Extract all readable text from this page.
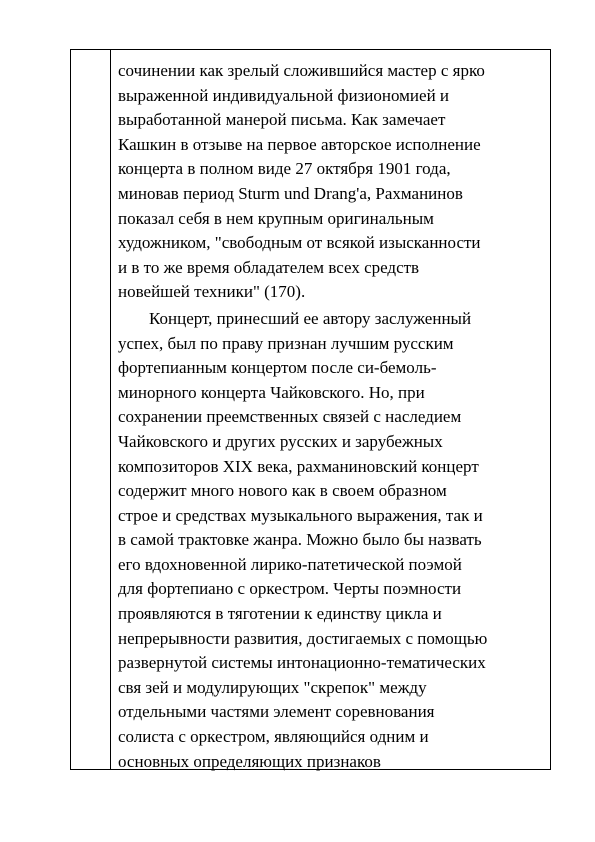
сочинении как зрелый сложившийся мастер с ярко
выраженной индивидуальной физиономией и
выработанной манерой письма. Как замечает
Кашкин в отзыве на первое авторское исполнение
концерта в полном виде 27 октября 1901 года,
миновав период Sturm und Drang'a, Рахманинов
показал себя в нем крупным оригинальным
художником, "свободным от всякой изысканности
и в то же время обладателем всех средств
новейшей техники" (170).
Концерт, принесший ее автору заслуженный
успех, был по праву признан лучшим русским
фортепианным концертом после си-бемоль-
минорного концерта Чайковского. Но, при
сохранении преемственных связей с наследием
Чайковского и других русских и зарубежных
композиторов XIX века, рахманиновский концерт
содержит много нового как в своем образном
строе и средствах музыкального выражения, так и
в самой трактовке жанра. Можно было бы назвать
его вдохновенной лирико-патетической поэмой
для фортепиано с оркестром. Черты поэмности
проявляются в тяготении к единству цикла и
непрерывности развития, достигаемых с помощью
развернутой системы интонационно-тематических
свя зей и модулирующих "скрепок" между
отдельными частями элемент соревнования
солиста с оркестром, являющийся одним и
основных определяющих признаков
